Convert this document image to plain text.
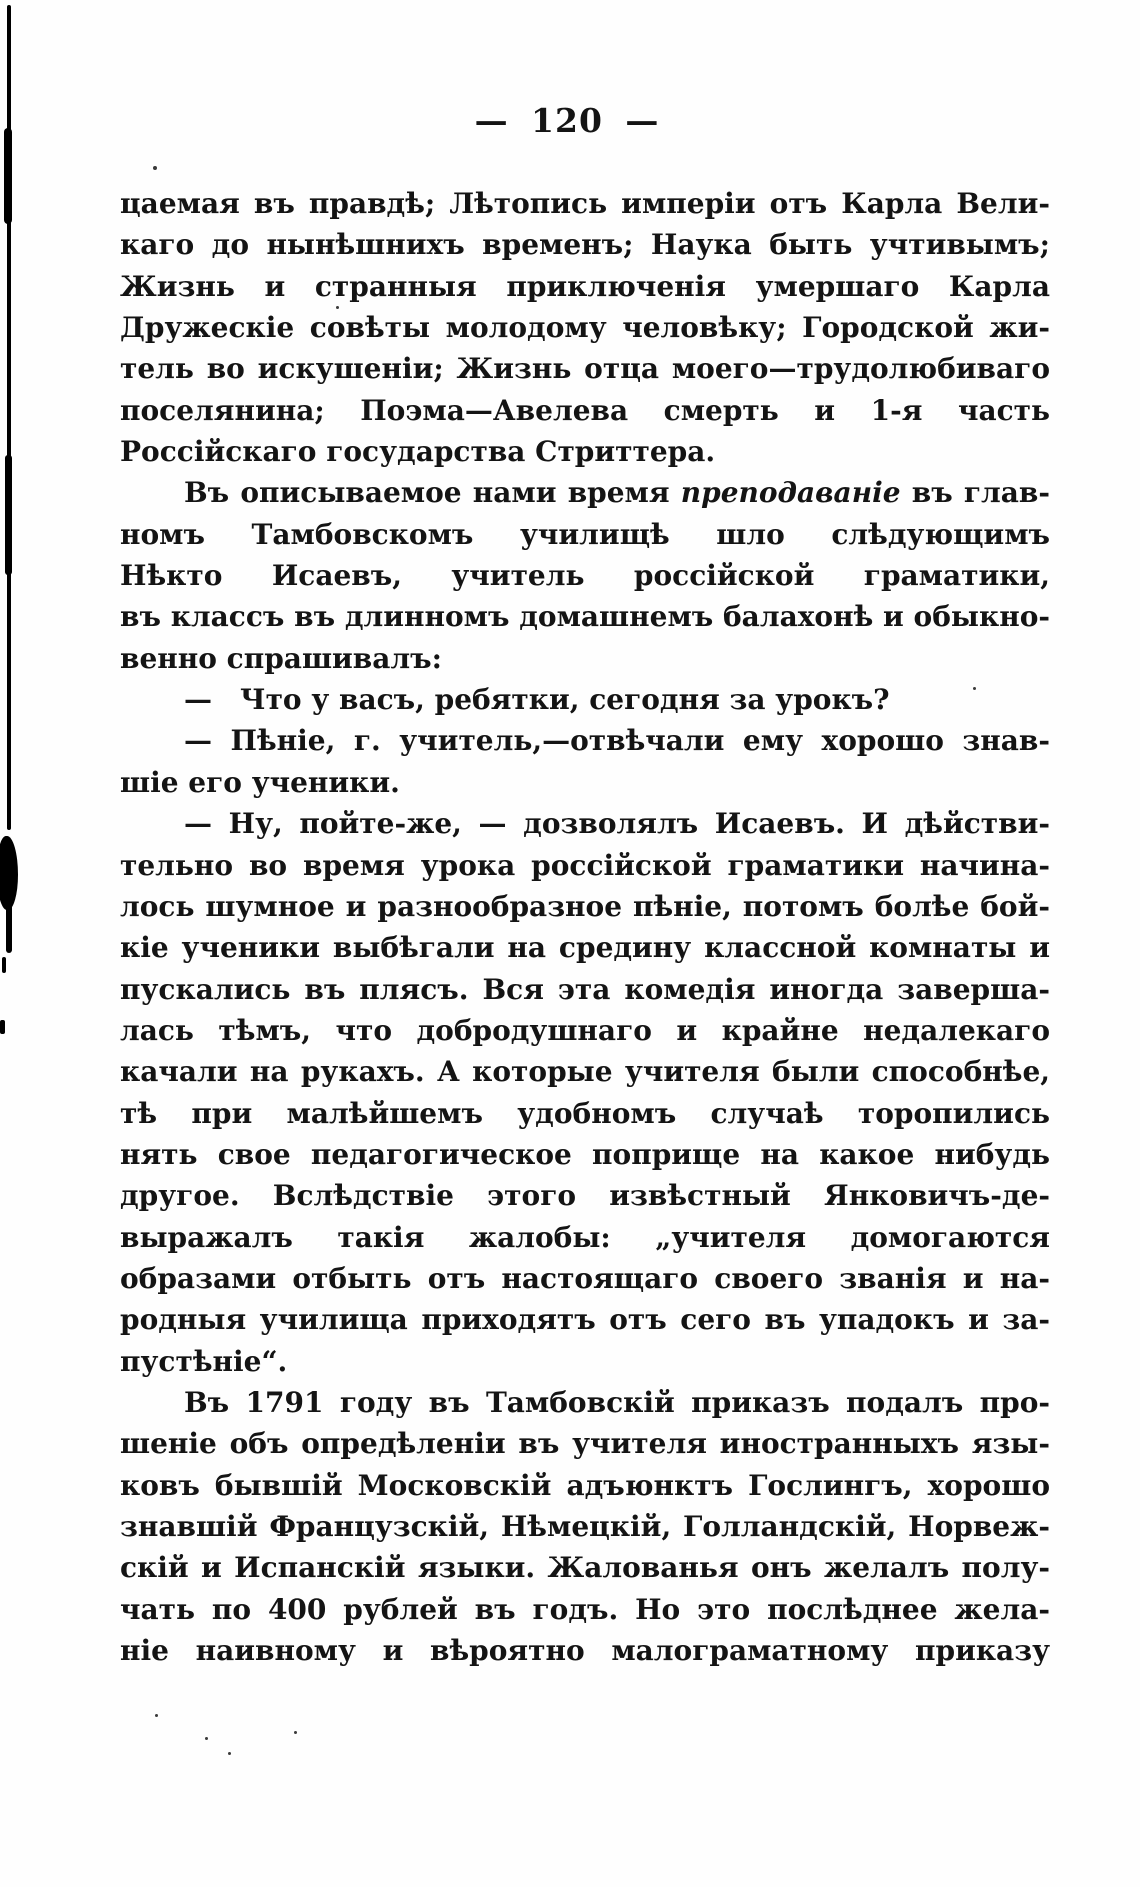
— 120 —
цаемая въ правдѣ; Лѣтопись имперіи отъ Карла Вели-
каго до нынѣшнихъ временъ; Наука быть учтивымъ;
Жизнь и странныя приключенія умершаго Карла
Дружескіе совѣты молодому человѣку; Городской жи-
тель во искушеніи; Жизнь отца моего—трудолюбиваго
поселянина; Поэма—Авелева смерть и 1-я часть
Россійскаго государства Стриттера.
Въ описываемое нами время преподаваніе въ глав-
номъ Тамбовскомъ училищѣ шло слѣдующимъ
Нѣкто Исаевъ, учитель россійской граматики,
въ классъ въ длинномъ домашнемъ балахонѣ и обыкно-
венно спрашивалъ:
— Что у васъ, ребятки, сегодня за урокъ?
— Пѣніе, г. учитель,—отвѣчали ему хорошо знав-
шіе его ученики.
— Ну, пойте-же, — дозволялъ Исаевъ. И дѣйстви-
тельно во время урока россійской граматики начина-
лось шумное и разнообразное пѣніе, потомъ болѣе бой-
кіе ученики выбѣгали на средину классной комнаты и
пускались въ плясъ. Вся эта комедія иногда заверша-
лась тѣмъ, что добродушнаго и крайне недалекаго
качали на рукахъ. А которые учителя были способнѣе,
тѣ при малѣйшемъ удобномъ случаѣ торопились
нять свое педагогическое поприще на какое нибудь
другое. Вслѣдствіе этого извѣстный Янковичъ-де-
выражалъ такія жалобы: „учителя домогаются
образами отбыть отъ настоящаго своего званія и на-
родныя училища приходятъ отъ сего въ упадокъ и за-
пустѣніе“.
Въ 1791 году въ Тамбовскій приказъ подалъ про-
шеніе объ опредѣленіи въ учителя иностранныхъ язы-
ковъ бывшій Московскій адъюнктъ Гослингъ, хорошо
знавшій Французскій, Нѣмецкій, Голландскій, Норвеж-
скій и Испанскій языки. Жалованья онъ желалъ полу-
чать по 400 рублей въ годъ. Но это послѣднее жела-
ніе наивному и вѣроятно малограматному приказу
